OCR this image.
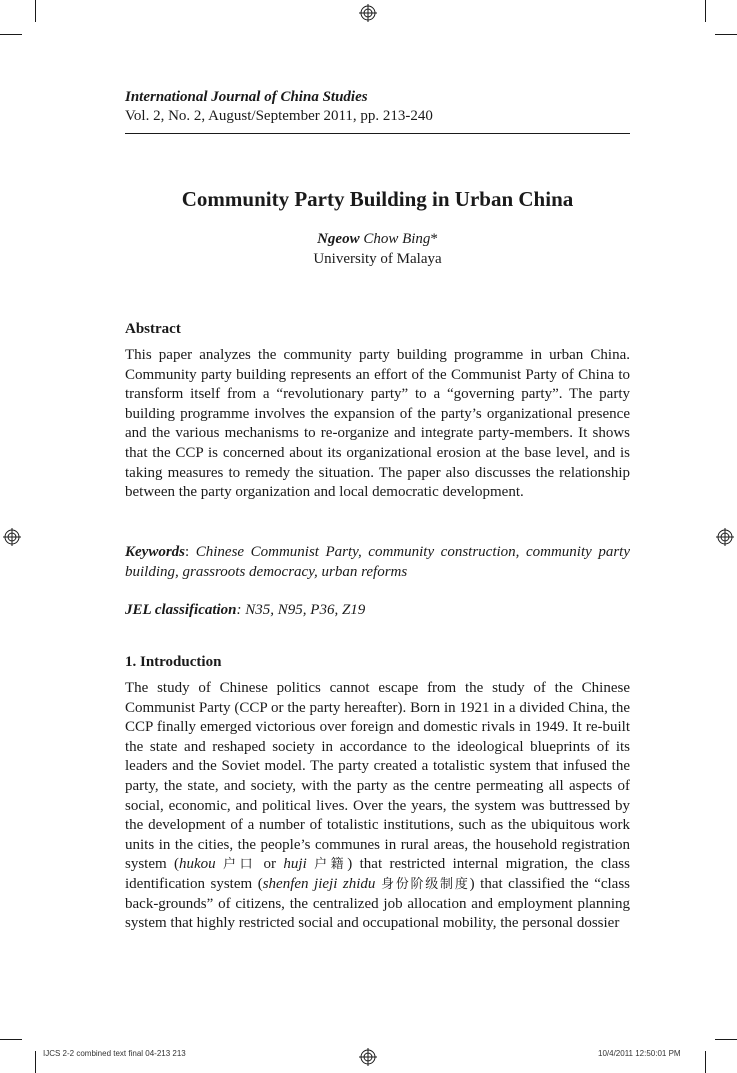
International Journal of China Studies
Vol. 2, No. 2, August/September 2011, pp. 213-240
Community Party Building in Urban China
Ngeow Chow Bing*
University of Malaya
Abstract
This paper analyzes the community party building programme in urban China. Community party building represents an effort of the Communist Party of China to transform itself from a “revolutionary party” to a “governing party”. The party building programme involves the expansion of the party’s organizational presence and the various mechanisms to re-organize and integrate party-members. It shows that the CCP is concerned about its organizational erosion at the base level, and is taking measures to remedy the situation. The paper also discusses the relationship between the party organization and local democratic development.
Keywords: Chinese Communist Party, community construction, community party building, grassroots democracy, urban reforms
JEL classification: N35, N95, P36, Z19
1. Introduction
The study of Chinese politics cannot escape from the study of the Chinese Communist Party (CCP or the party hereafter). Born in 1921 in a divided China, the CCP finally emerged victorious over foreign and domestic rivals in 1949. It re-built the state and reshaped society in accordance to the ideological blueprints of its leaders and the Soviet model. The party created a totalistic system that infused the party, the state, and society, with the party as the centre permeating all aspects of social, economic, and political lives. Over the years, the system was buttressed by the development of a number of totalistic institutions, such as the ubiquitous work units in the cities, the people’s communes in rural areas, the household registration system (hukou 户口 or huji 户籍) that restricted internal migration, the class identification system (shenfen jieji zhidu 身份阶级制度) that classified the “class back-grounds” of citizens, the centralized job allocation and employment planning system that highly restricted social and occupational mobility, the personal dossier
IJCS 2-2 combined text final 04-213 213	10/4/2011 12:50:01 PM
